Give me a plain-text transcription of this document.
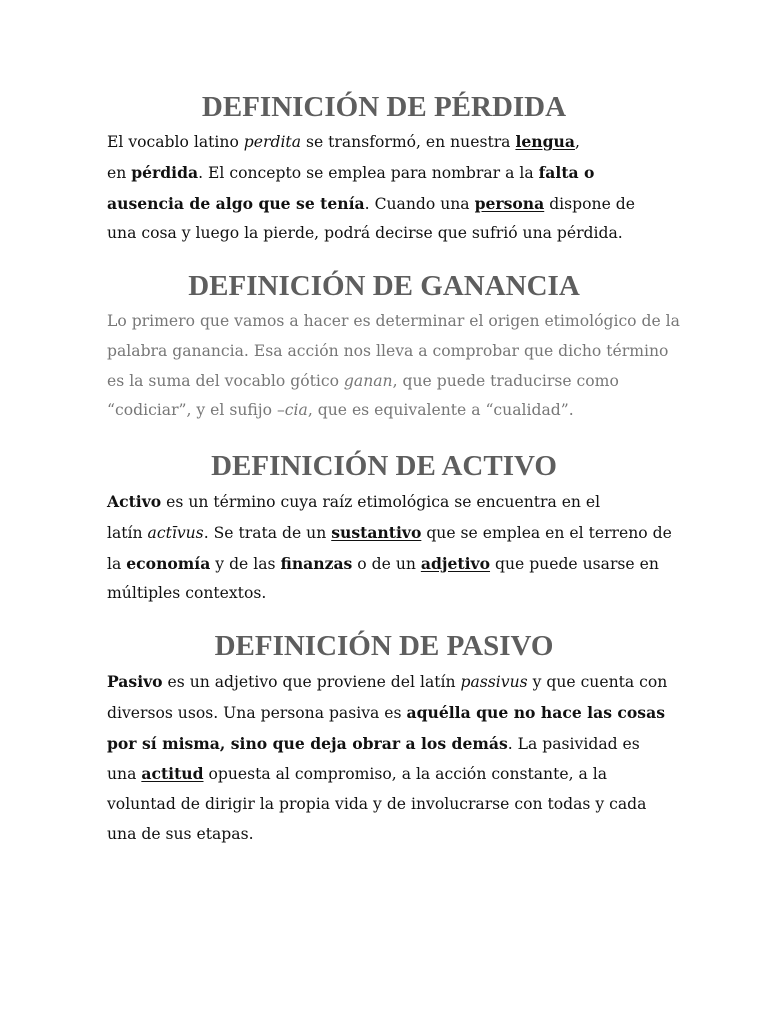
DEFINICIÓN DE PÉRDIDA

El vocablo latino perdita se transformó, en nuestra lengua,
en pérdida. El concepto se emplea para nombrar a la falta o
ausencia de algo que se tenía. Cuando una persona dispone de
una cosa y luego la pierde, podrá decirse que sufrió una pérdida.

DEFINICIÓN DE GANANCIA

Lo primero que vamos a hacer es determinar el origen etimológico de la
palabra ganancia. Esa acción nos lleva a comprobar que dicho término
es la suma del vocablo gótico ganan, que puede traducirse como
“codiciar”, y el sufijo –cia, que es equivalente a “cualidad”.

DEFINICIÓN DE ACTIVO

Activo es un término cuya raíz etimológica se encuentra en el
latín actīvus. Se trata de un sustantivo que se emplea en el terreno de
la economía y de las finanzas o de un adjetivo que puede usarse en
múltiples contextos.

DEFINICIÓN DE PASIVO

Pasivo es un adjetivo que proviene del latín passivus y que cuenta con
diversos usos. Una persona pasiva es aquélla que no hace las cosas
por sí misma, sino que deja obrar a los demás. La pasividad es
una actitud opuesta al compromiso, a la acción constante, a la
voluntad de dirigir la propia vida y de involucrarse con todas y cada
una de sus etapas.
